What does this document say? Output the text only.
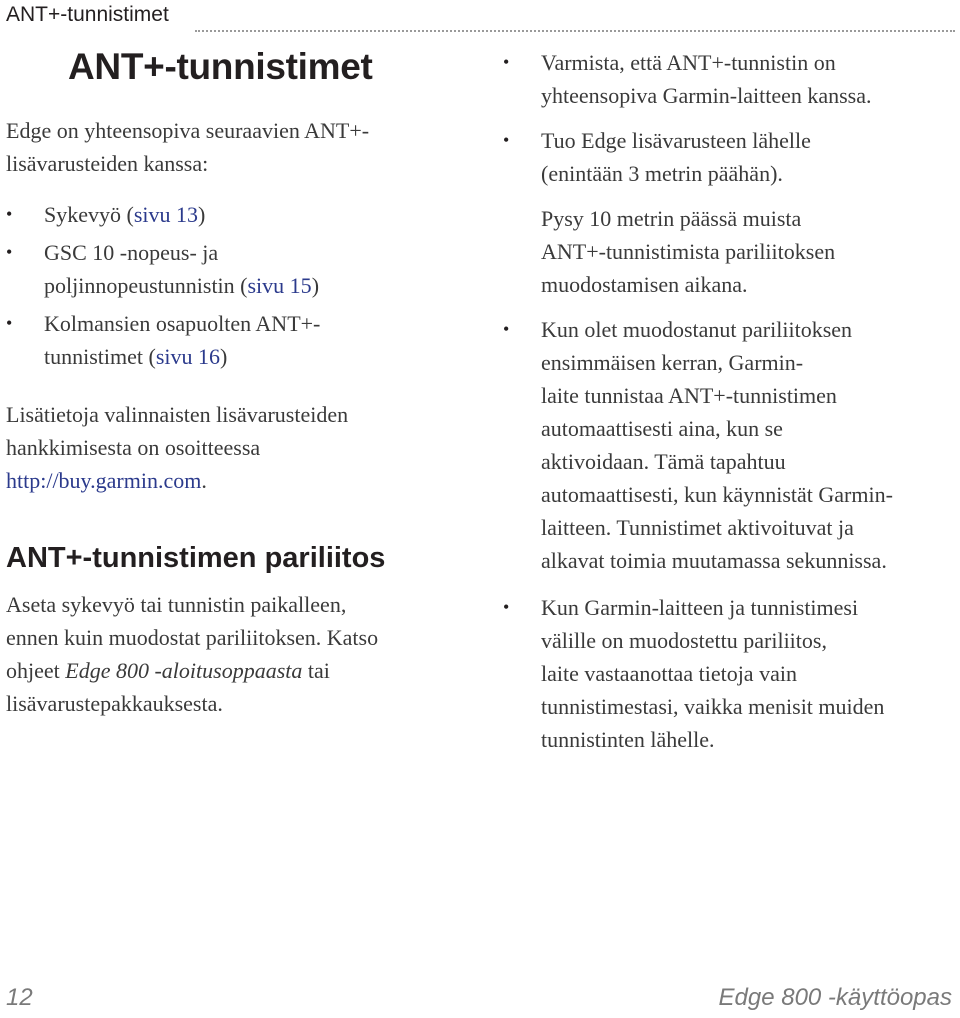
ANT+-tunnistimet
ANT+-tunnistimet

Edge on yhteensopiva seuraavien ANT+-
lisävarusteiden kanssa:

• Sykevyö (sivu 13)
• GSC 10 -nopeus- ja
poljinnopeustunnistin (sivu 15)
• Kolmansien osapuolten ANT+-
tunnistimet (sivu 16)

Lisätietoja valinnaisten lisävarusteiden
hankkimisesta on osoitteessa
http://buy.garmin.com.

ANT+-tunnistimen pariliitos

Aseta sykevyö tai tunnistin paikalleen,
ennen kuin muodostat pariliitoksen. Katso
ohjeet Edge 800 -aloitusoppaasta tai
lisävarustepakkauksesta.

• Varmista, että ANT+-tunnistin on
yhteensopiva Garmin-laitteen kanssa.
• Tuo Edge lisävarusteen lähelle
(enintään 3 metrin päähän).

Pysy 10 metrin päässä muista
ANT+-tunnistimista pariliitoksen
muodostamisen aikana.

• Kun olet muodostanut pariliitoksen
ensimmäisen kerran, Garmin-
laite tunnistaa ANT+-tunnistimen
automaattisesti aina, kun se
aktivoidaan. Tämä tapahtuu
automaattisesti, kun käynnistät Garmin-
laitteen. Tunnistimet aktivoituvat ja
alkavat toimia muutamassa sekunnissa.
• Kun Garmin-laitteen ja tunnistimesi
välille on muodostettu pariliitos,
laite vastaanottaa tietoja vain
tunnistimestasi, vaikka menisit muiden
tunnistinten lähelle.
12	Edge 800 -käyttöopas
